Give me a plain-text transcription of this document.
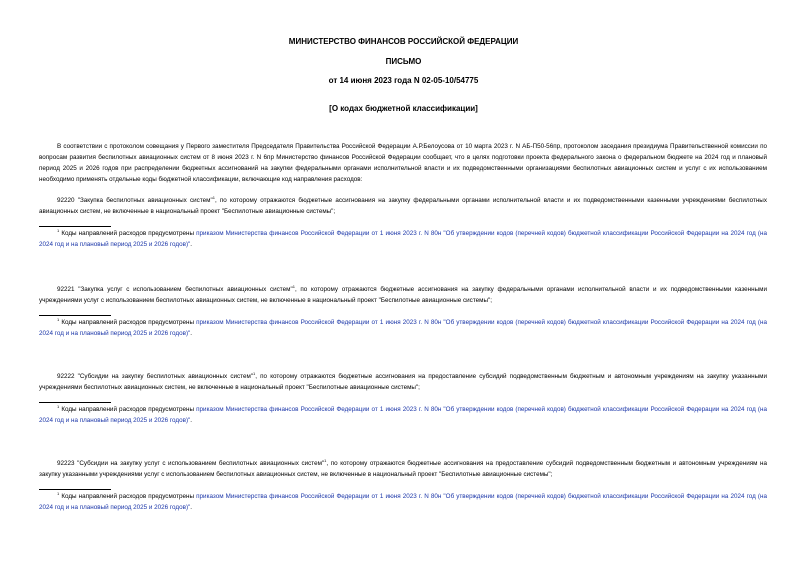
МИНИСТЕРСТВО ФИНАНСОВ РОССИЙСКОЙ ФЕДЕРАЦИИ
ПИСЬМО
от 14 июня 2023 года N 02-05-10/54775
[О кодах бюджетной классификации]

В соответствии с протоколом совещания у Первого заместителя Председателя Правительства Российской Федерации А.Р.Белоусова от 10 марта 2023 г. N АБ-П50-56пр, протоколом заседания президиума Правительственной комиссии по вопросам развития беспилотных авиационных систем от 8 июня 2023 г. N 6пр Министерство финансов Российской Федерации сообщает, что в целях подготовки проекта федерального закона о федеральном бюджете на 2024 год и плановый период 2025 и 2026 годов при распределении бюджетных ассигнований на закупки федеральными органами исполнительной власти и их подведомственными организациями беспилотных авиационных систем и услуг с их использованием необходимо применять отдельные коды бюджетной классификации, включающие код направления расходов:

92220 "Закупка беспилотных авиационных систем"$^1$, по которому отражаются бюджетные ассигнования на закупку федеральными органами исполнительной власти и их подведомственными казенными учреждениями беспилотных авиационных систем, не включенные в национальный проект "Беспилотные авиационные системы";

$^1$ Коды направлений расходов предусмотрены приказом Министерства финансов Российской Федерации от 1 июня 2023 г. N 80н "Об утверждении кодов (перечней кодов) бюджетной классификации Российской Федерации на 2024 год (на 2024 год и на плановый период 2025 и 2026 годов)".

92221 "Закупка услуг с использованием беспилотных авиационных систем"$^1$, по которому отражаются бюджетные ассигнования на закупку федеральными органами исполнительной власти и их подведомственными казенными учреждениями услуг с использованием беспилотных авиационных систем, не включенные в национальный проект "Беспилотные авиационные системы";

$^1$ Коды направлений расходов предусмотрены приказом Министерства финансов Российской Федерации от 1 июня 2023 г. N 80н "Об утверждении кодов (перечней кодов) бюджетной классификации Российской Федерации на 2024 год (на 2024 год и на плановый период 2025 и 2026 годов)".

92222 "Субсидии на закупку беспилотных авиационных систем"$^1$, по которому отражаются бюджетные ассигнования на предоставление субсидий подведомственным бюджетным и автономным учреждениям на закупку указанными учреждениями беспилотных авиационных систем, не включенные в национальный проект "Беспилотные авиационные системы";

$^1$ Коды направлений расходов предусмотрены приказом Министерства финансов Российской Федерации от 1 июня 2023 г. N 80н "Об утверждении кодов (перечней кодов) бюджетной классификации Российской Федерации на 2024 год (на 2024 год и на плановый период 2025 и 2026 годов)".

92223 "Субсидии на закупку услуг с использованием беспилотных авиационных систем"$^1$, по которому отражаются бюджетные ассигнования на предоставление субсидий подведомственным бюджетным и автономным учреждениям на закупку указанными учреждениями услуг с использованием беспилотных авиационных систем, не включенные в национальный проект "Беспилотные авиационные системы";

$^1$ Коды направлений расходов предусмотрены приказом Министерства финансов Российской Федерации от 1 июня 2023 г. N 80н "Об утверждении кодов (перечней кодов) бюджетной классификации Российской Федерации на 2024 год (на 2024 год и на плановый период 2025 и 2026 годов)".
